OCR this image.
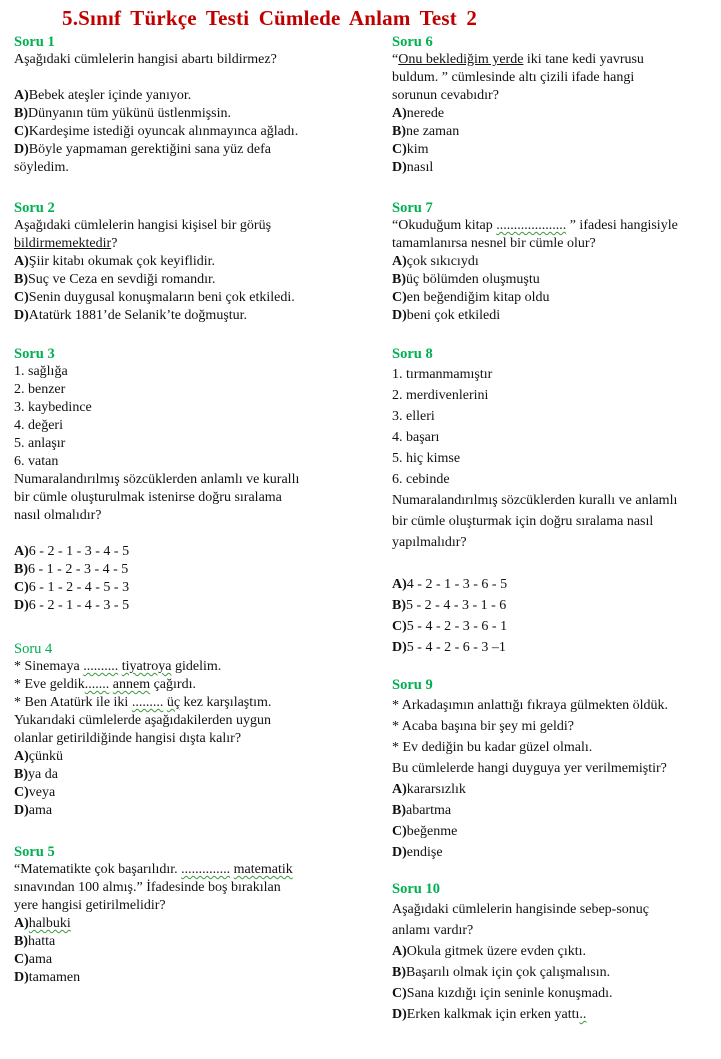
5.Sınıf Türkçe Testi Cümlede Anlam Test 2
Soru 1
Aşağıdaki cümlelerin hangisi abartı bildirmez?
A)Bebek ateşler içinde yanıyor.
B)Dünyanın tüm yükünü üstlenmişsin.
C)Kardeşime istediği oyuncak alınmayınca ağladı.
D)Böyle yapmaman gerektiğini sana yüz defa
söyledim.
Soru 2
Aşağıdaki cümlelerin hangisi kişisel bir görüş
bildirmemektedir?
A)Şiir kitabı okumak çok keyiflidir.
B)Suç ve Ceza en sevdiği romandır.
C)Senin duygusal konuşmaların beni çok etkiledi.
D)Atatürk 1881’de Selanik’te doğmuştur.
Soru 3
1. sağlığa
2. benzer
3. kaybedince
4. değeri
5. anlaşır
6. vatan
Numaralandırılmış sözcüklerden anlamlı ve kurallı
bir cümle oluşturulmak istenirse doğru sıralama
nasıl olmalıdır?
A)6 - 2 - 1 - 3 - 4 - 5
B)6 - 1 - 2 - 3 - 4 - 5
C)6 - 1 - 2 - 4 - 5 - 3
D)6 - 2 - 1 - 4 - 3 - 5
Soru 4
* Sinemaya .......... tiyatroya gidelim.
* Eve geldik....... annem çağırdı.
* Ben Atatürk ile iki ......... üç kez karşılaştım.
Yukarıdaki cümlelerde aşağıdakilerden uygun
olanlar getirildiğinde hangisi dışta kalır?
A)çünkü
B)ya da
C)veya
D)ama
Soru 5
“Matematikte çok başarılıdır. .............. matematik
sınavından 100 almış.” İfadesinde boş bırakılan
yere hangisi getirilmelidir?
A)halbuki
B)hatta
C)ama
D)tamamen
Soru 6
“Onu beklediğim yerde iki tane kedi yavrusu
buldum. ” cümlesinde altı çizili ifade hangi
sorunun cevabıdır?
A)nerede
B)ne zaman
C)kim
D)nasıl
Soru 7
“Okuduğum kitap .................... ” ifadesi hangisiyle
tamamlanırsa nesnel bir cümle olur?
A)çok sıkıcıydı
B)üç bölümden oluşmuştu
C)en beğendiğim kitap oldu
D)beni çok etkiledi
Soru 8
1. tırmanmamıştır
2. merdivenlerini
3. elleri
4. başarı
5. hiç kimse
6. cebinde
Numaralandırılmış sözcüklerden kurallı ve anlamlı
bir cümle oluşturmak için doğru sıralama nasıl
yapılmalıdır?
A)4 - 2 - 1 - 3 - 6 - 5
B)5 - 2 - 4 - 3 - 1 - 6
C)5 - 4 - 2 - 3 - 6 - 1
D)5 - 4 - 2 - 6 - 3 –1
Soru 9
* Arkadaşımın anlattığı fıkraya gülmekten öldük.
* Acaba başına bir şey mi geldi?
* Ev dediğin bu kadar güzel olmalı.
Bu cümlelerde hangi duyguya yer verilmemiştir?
A)kararsızlık
B)abartma
C)beğenme
D)endişe
Soru 10
Aşağıdaki cümlelerin hangisinde sebep-sonuç
anlamı vardır?
A)Okula gitmek üzere evden çıktı.
B)Başarılı olmak için çok çalışmalısın.
C)Sana kızdığı için seninle konuşmadı.
D)Erken kalkmak için erken yattı..
